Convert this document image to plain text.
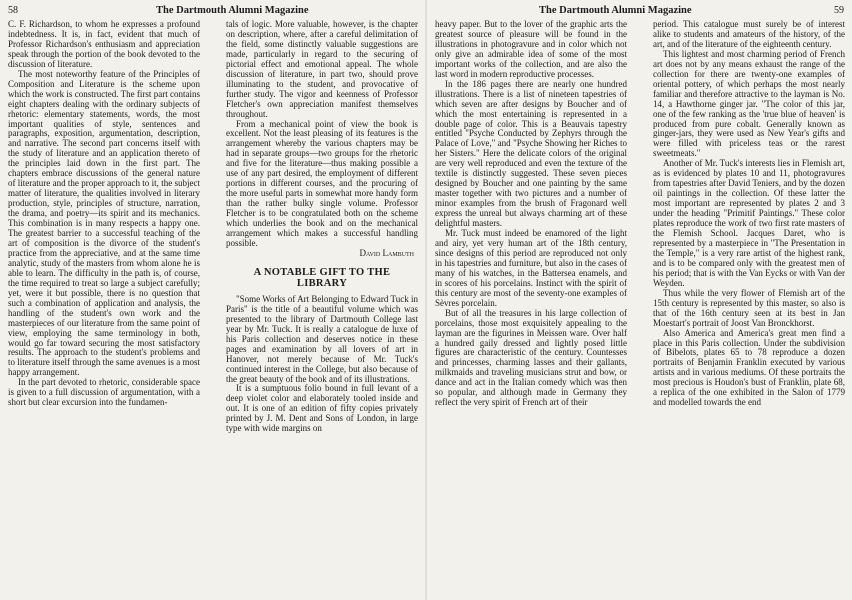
58	The Dartmouth Alumni Magazine

C. F. Richardson, to whom he expresses a profound indebtedness. It is, in fact, evident that much of Professor Richardson's enthusiasm and appreciation speak through the portion of the book devoted to the discussion of literature.

The most noteworthy feature of the Principles of Composition and Literature is the scheme upon which the work is constructed. The first part contains eight chapters dealing with the ordinary subjects of rhetoric: elementary statements, words, the most important qualities of style, sentences and paragraphs, exposition, argumentation, description, and narrative. The second part concerns itself with the study of literature and an application thereto of the principles laid down in the first part. The chapters embrace discussions of the general nature of literature and the proper approach to it, the subject matter of literature, the qualities involved in literary production, style, principles of structure, narration, the drama, and poetry—its spirit and its mechanics. This combination is in many respects a happy one. The greatest barrier to a successful teaching of the art of composition is the divorce of the student's practice from the appreciative, and at the same time analytic, study of the masters from whom alone he is able to learn. The difficulty in the path is, of course, the time required to treat so large a subject carefully; yet, were it but possible, there is no question that such a combination of application and analysis, the handling of the student's own work and the masterpieces of our literature from the same point of view, employing the same terminology in both, would go far toward securing the most satisfactory results. The approach to the student's problems and to literature itself through the same avenues is a most happy arrangement.

In the part devoted to rhetoric, considerable space is given to a full discussion of argumentation, with a short but clear excursion into the fundamen-

tals of logic. More valuable, however, is the chapter on description, where, after a careful delimitation of the field, some distinctly valuable suggestions are made, particularly in regard to the securing of pictorial effect and emotional appeal. The whole discussion of literature, in part two, should prove illuminating to the student, and provocative of further study. The vigor and keenness of Professor Fletcher's own appreciation manifest themselves throughout.

From a mechanical point of view the book is excellent. Not the least pleasing of its features is the arrangement whereby the various chapters may be had in separate groups—two groups for the rhetoric and five for the literature—thus making possible a use of any part desired, the employment of different portions in different courses, and the procuring of the more useful parts in somewhat more handy form than the rather bulky single volume. Professor Fletcher is to be congratulated both on the scheme which underlies the book and on the mechanical arrangement which makes a successful handling possible.

David Lambuth
A NOTABLE GIFT TO THE
LIBRARY

"Some Works of Art Belonging to Edward Tuck in Paris" is the title of a beautiful volume which was presented to the library of Dartmouth College last year by Mr. Tuck. It is really a catalogue de luxe of his Paris collection and deserves notice in these pages and examination by all lovers of art in Hanover, not merely because of Mr. Tuck's continued interest in the College, but also because of the great beauty of the book and of its illustrations.

It is a sumptuous folio bound in full levant of a deep violet color and elaborately tooled inside and out. It is one of an edition of fifty copies privately printed by J. M. Dent and Sons of London, in large type with wide margins on

The Dartmouth Alumni Magazine	59

heavy paper. But to the lover of the graphic arts the greatest source of pleasure will be found in the illustrations in photogravure and in color which not only give an admirable idea of some of the most important works of the collection, and are also the last word in modern reproductive processes.

In the 186 pages there are nearly one hundred illustrations. There is a list of nineteen tapestries of which seven are after designs by Boucher and of which the most entertaining is represented in a double page of color. This is a Beauvais tapestry entitled "Psyche Conducted by Zephyrs through the Palace of Love," and "Psyche Showing her Riches to her Sisters." Here the delicate colors of the original are very well reproduced and even the texture of the textile is distinctly suggested. These seven pieces designed by Boucher and one painting by the same master together with two pictures and a number of minor examples from the brush of Fragonard well express the unreal but always charming art of these delightful masters.

Mr. Tuck must indeed be enamored of the light and airy, yet very human art of the 18th century, since designs of this period are reproduced not only in his tapestries and furniture, but also in the cases of many of his watches, in the Battersea enamels, and in scores of his porcelains. Instinct with the spirit of this century are most of the seventy-one examples of Sèvres porcelain.

But of all the treasures in his large collection of porcelains, those most exquisitely appealing to the layman are the figurines in Meissen ware. Over half a hundred gaily dressed and lightly posed little figures are characteristic of the century. Countesses and princesses, charming lasses and their gallants, milkmaids and traveling musicians strut and bow, or dance and act in the Italian comedy which was then so popular, and although made in Germany they reflect the very spirit of French art of their

period. This catalogue must surely be of interest alike to students and amateurs of the history, of the art, and of the literature of the eighteenth century.

This lightest and most charming period of French art does not by any means exhaust the range of the collection for there are twenty-one examples of oriental pottery, of which perhaps the most nearly familiar and therefore attractive to the layman is No. 14, a Hawthorne ginger jar. "The color of this jar, one of the few ranking as the 'true blue of heaven' is produced from pure cobalt. Generally known as ginger-jars, they were used as New Year's gifts and were filled with priceless teas or the rarest sweetmeats."

Another of Mr. Tuck's interests lies in Flemish art, as is evidenced by plates 10 and 11, photogravures from tapestries after David Teniers, and by the dozen oil paintings in the collection. Of these latter the most important are represented by plates 2 and 3 under the heading "Primitif Paintings." These color plates reproduce the work of two first rate masters of the Flemish School. Jacques Daret, who is represented by a masterpiece in "The Presentation in the Temple," is a very rare artist of the highest rank, and is to be compared only with the greatest men of his period; that is with the Van Eycks or with Van der Weyden.

Thus while the very flower of Flemish art of the 15th century is represented by this master, so also is that of the 16th century seen at its best in Jan Moestart's portrait of Joost Van Bronckhorst.

Also America and America's great men find a place in this Paris collection. Under the subdivision of Bibelots, plates 65 to 78 reproduce a dozen portraits of Benjamin Franklin executed by various artists and in various mediums. Of these portraits the most precious is Houdon's bust of Franklin, plate 68, a replica of the one exhibited in the Salon of 1779 and modelled towards the end
